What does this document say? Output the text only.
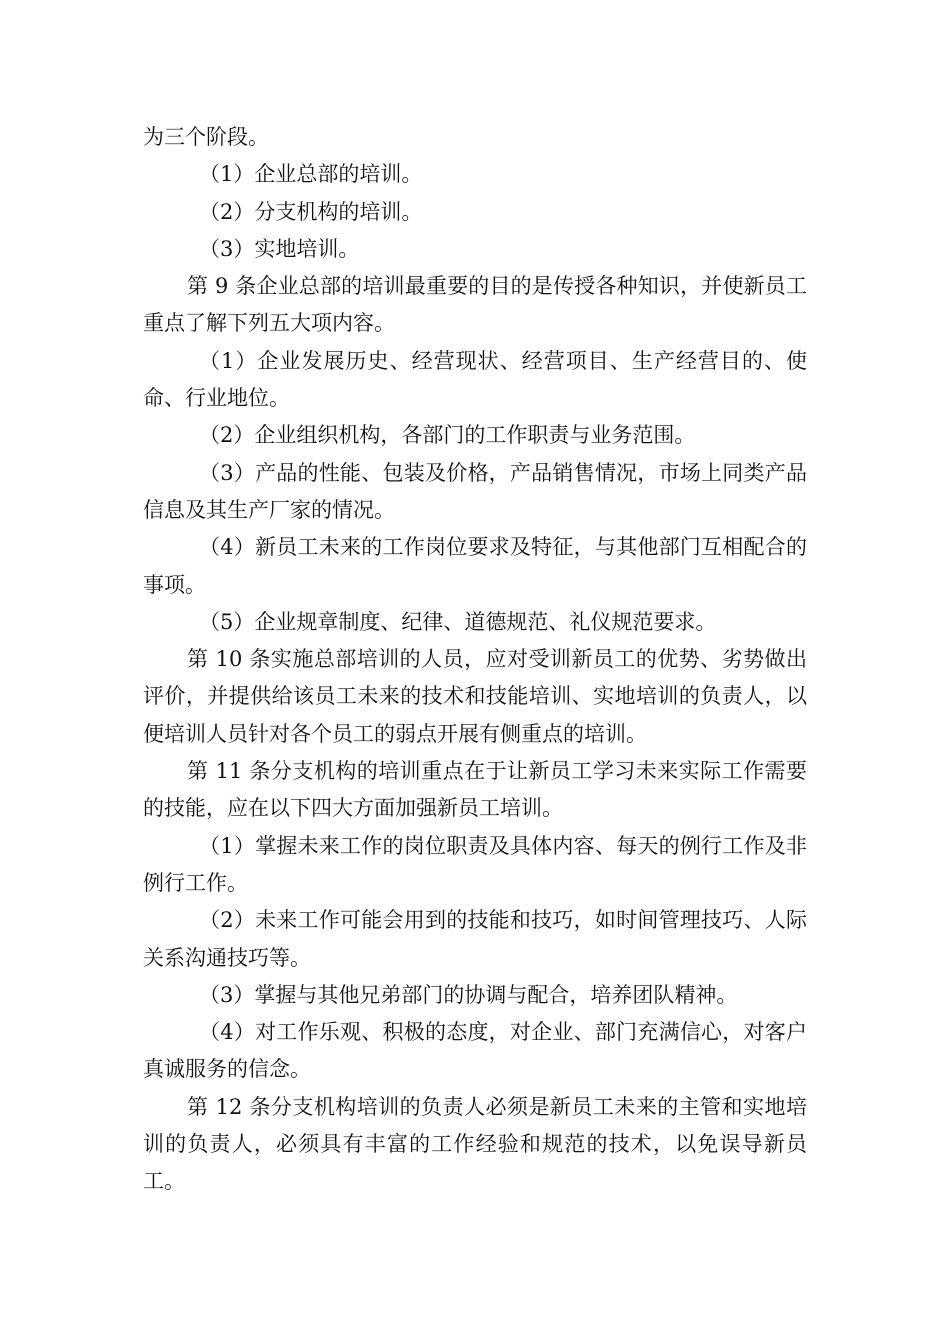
为三个阶段。

（1）企业总部的培训。

（2）分支机构的培训。

（3）实地培训。

第 9 条企业总部的培训最重要的目的是传授各种知识，并使新员工重点了解下列五大项内容。

（1）企业发展历史、经营现状、经营项目、生产经营目的、使命、行业地位。

（2）企业组织机构，各部门的工作职责与业务范围。

（3）产品的性能、包装及价格，产品销售情况，市场上同类产品信息及其生产厂家的情况。

（4）新员工未来的工作岗位要求及特征，与其他部门互相配合的事项。

（5）企业规章制度、纪律、道德规范、礼仪规范要求。

第 10 条实施总部培训的人员，应对受训新员工的优势、劣势做出评价，并提供给该员工未来的技术和技能培训、实地培训的负责人，以便培训人员针对各个员工的弱点开展有侧重点的培训。

第 11 条分支机构的培训重点在于让新员工学习未来实际工作需要的技能，应在以下四大方面加强新员工培训。

（1）掌握未来工作的岗位职责及具体内容、每天的例行工作及非例行工作。

（2）未来工作可能会用到的技能和技巧，如时间管理技巧、人际关系沟通技巧等。

（3）掌握与其他兄弟部门的协调与配合，培养团队精神。

（4）对工作乐观、积极的态度，对企业、部门充满信心，对客户真诚服务的信念。

第 12 条分支机构培训的负责人必须是新员工未来的主管和实地培训的负责人，必须具有丰富的工作经验和规范的技术，以免误导新员工。
